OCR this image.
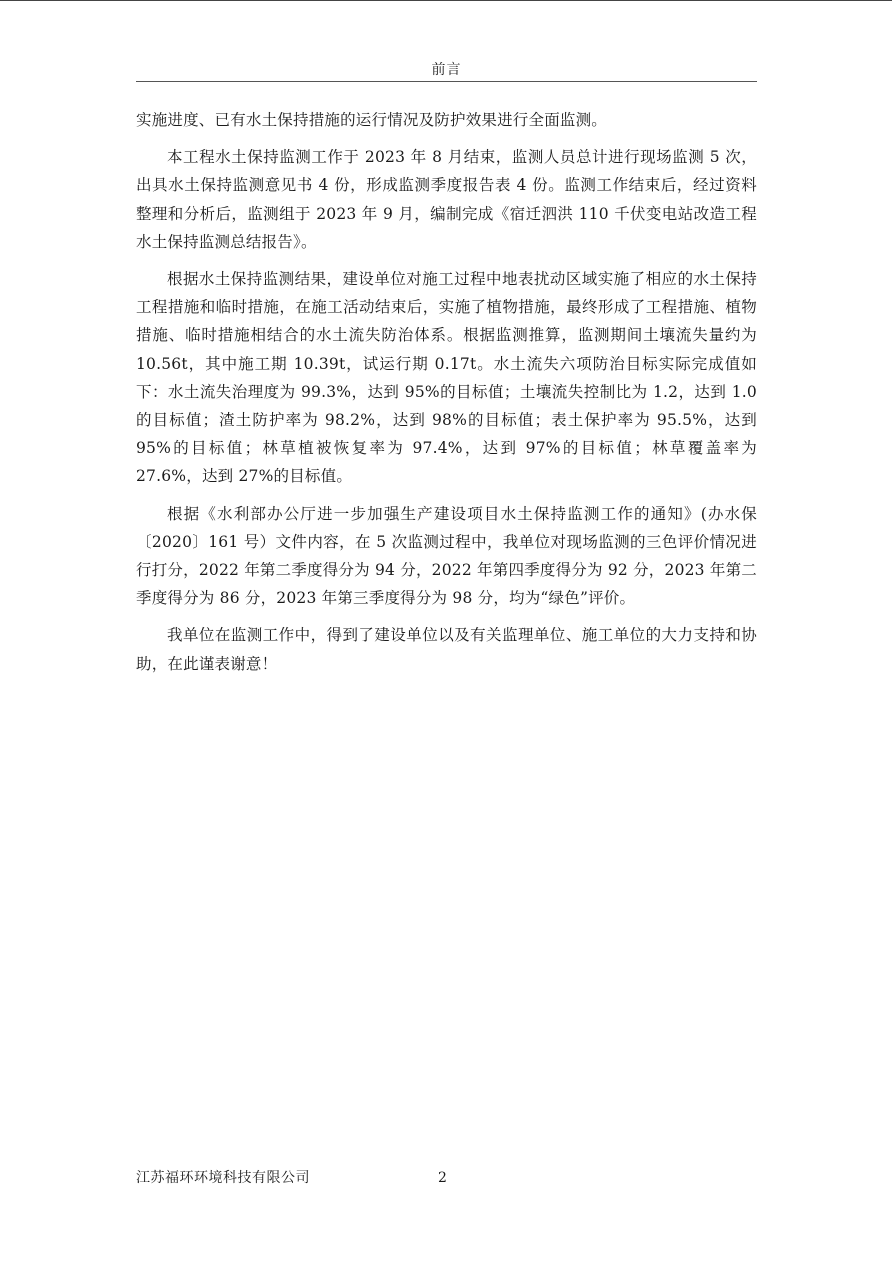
前言

实施进度、已有水土保持措施的运行情况及防护效果进行全面监测。

本工程水土保持监测工作于 2023 年 8 月结束，监测人员总计进行现场监测 5 次，出具水土保持监测意见书 4 份，形成监测季度报告表 4 份。监测工作结束后，经过资料整理和分析后，监测组于 2023 年 9 月，编制完成《宿迁泗洪 110 千伏变电站改造工程水土保持监测总结报告》。

根据水土保持监测结果，建设单位对施工过程中地表扰动区域实施了相应的水土保持工程措施和临时措施，在施工活动结束后，实施了植物措施，最终形成了工程措施、植物措施、临时措施相结合的水土流失防治体系。根据监测推算，监测期间土壤流失量约为 10.56t，其中施工期 10.39t，试运行期 0.17t。水土流失六项防治目标实际完成值如下：水土流失治理度为 99.3%，达到 95%的目标值；土壤流失控制比为 1.2，达到 1.0 的目标值；渣土防护率为 98.2%，达到 98%的目标值；表土保护率为 95.5%，达到 95%的目标值；林草植被恢复率为 97.4%，达到 97%的目标值；林草覆盖率为 27.6%，达到 27%的目标值。

根据《水利部办公厅进一步加强生产建设项目水土保持监测工作的通知》(办水保〔2020〕161 号）文件内容，在 5 次监测过程中，我单位对现场监测的三色评价情况进行打分，2022 年第二季度得分为 94 分，2022 年第四季度得分为 92 分，2023 年第二季度得分为 86 分，2023 年第三季度得分为 98 分，均为“绿色”评价。

我单位在监测工作中，得到了建设单位以及有关监理单位、施工单位的大力支持和协助，在此谨表谢意！

江苏福环环境科技有限公司	2
